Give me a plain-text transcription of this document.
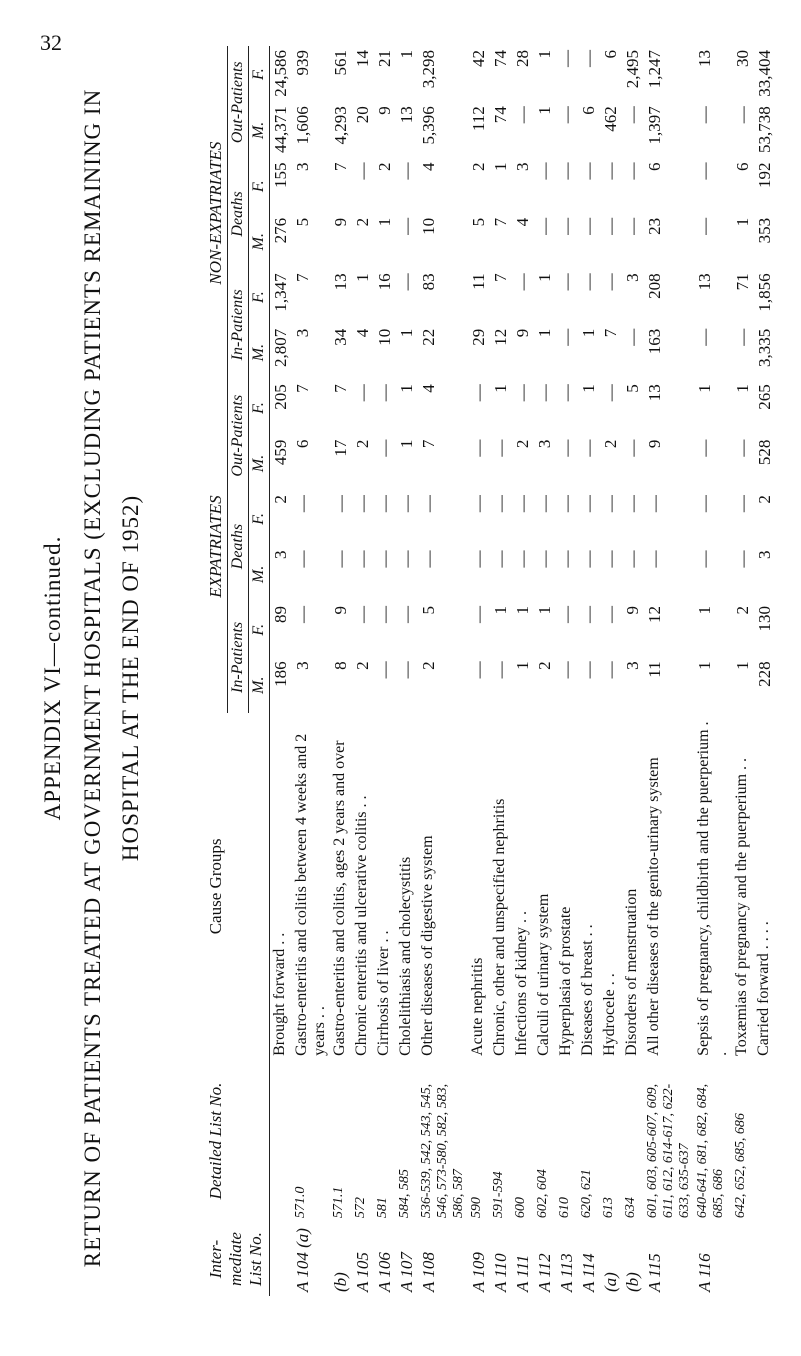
32
APPENDIX VI—continued. RETURN OF PATIENTS TREATED AT GOVERNMENT HOSPITALS (EXCLUDING PATIENTS REMAINING IN HOSPITAL AT THE END OF 1952)
Inter-mediate List No.	Detailed List No.	Cause Groups	EXPATRIATES						NON-EXPATRIATES					
			In-Patients		Deaths		Out-Patients		In-Patients		Deaths		Out-Patients	
			M.	F.	M.	F.	M.	F.	M.	F.	M.	F.	M.	F.
		Brought forward . .	186	89	3	2	459	205	2,807	1,347	276	155	44,371	24,586
A 104 (a)	571.0	Gastro-enteritis and colitis between 4 weeks and 2 years . .	3	—	—	—	6	7	3	7	5	3	1,606	939
(b)	571.1	Gastro-enteritis and colitis, ages 2 years and over	8	9	—	—	17	7	34	13	9	7	4,293	561
A 105	572	Chronic enteritis and ulcerative colitis . .	2	—	—	—	2	—	4	1	2	—	20	14
A 106	581	Cirrhosis of liver . .	—	—	—	—	—	—	10	16	1	2	9	21
A 107	584, 585	Cholelithiasis and cholecystitis	—	—	—	—	1	1	1	—	—	—	13	1
A 108	536-539, 542, 543, 545, 546, 573-580, 582, 583, 586, 587	Other diseases of digestive system	2	5	—	—	7	4	22	83	10	4	5,396	3,298
A 109	590	Acute nephritis	—	—	—	—	—	—	29	11	5	2	112	42
A 110	591-594	Chronic, other and unspecified nephritis	—	1	—	—	—	1	12	7	7	1	74	74
A 111	600	Infections of kidney . .	1	1	—	—	2	—	9	—	4	3	—	28
A 112	602, 604	Calculi of urinary system	2	1	—	—	3	—	1	1	—	—	1	1
A 113	610	Hyperplasia of prostate	—	—	—	—	—	—	—	—	—	—	—	—
A 114	620, 621	Diseases of breast . .	—	—	—	—	—	1	1	—	—	—	6	—
(a)	613	Hydrocele . .	—	—	—	—	2	—	7	—	—	—	462	6
(b)	634	Disorders of menstruation	3	9	—	—	—	5	—	3	—	—	—	2,495
A 115	601, 603, 605-607, 609, 611, 612, 614-617, 622-633, 635-637	All other diseases of the genito-urinary system	11	12	—	—	9	13	163	208	23	6	1,397	1,247
A 116	640-641, 681, 682, 684, 685, 686	Sepsis of pregnancy, childbirth and the puerperium . .	1	1	—	—	—	1	—	13	—	—	—	13
	642, 652, 685, 686	Toxæmias of pregnancy and the puerperium . .	1	2	—	—	—	1	—	71	1	6	—	30
		Carried forward . . . .	228	130	3	2	528	265	3,335	1,856	353	192	53,738	33,404
